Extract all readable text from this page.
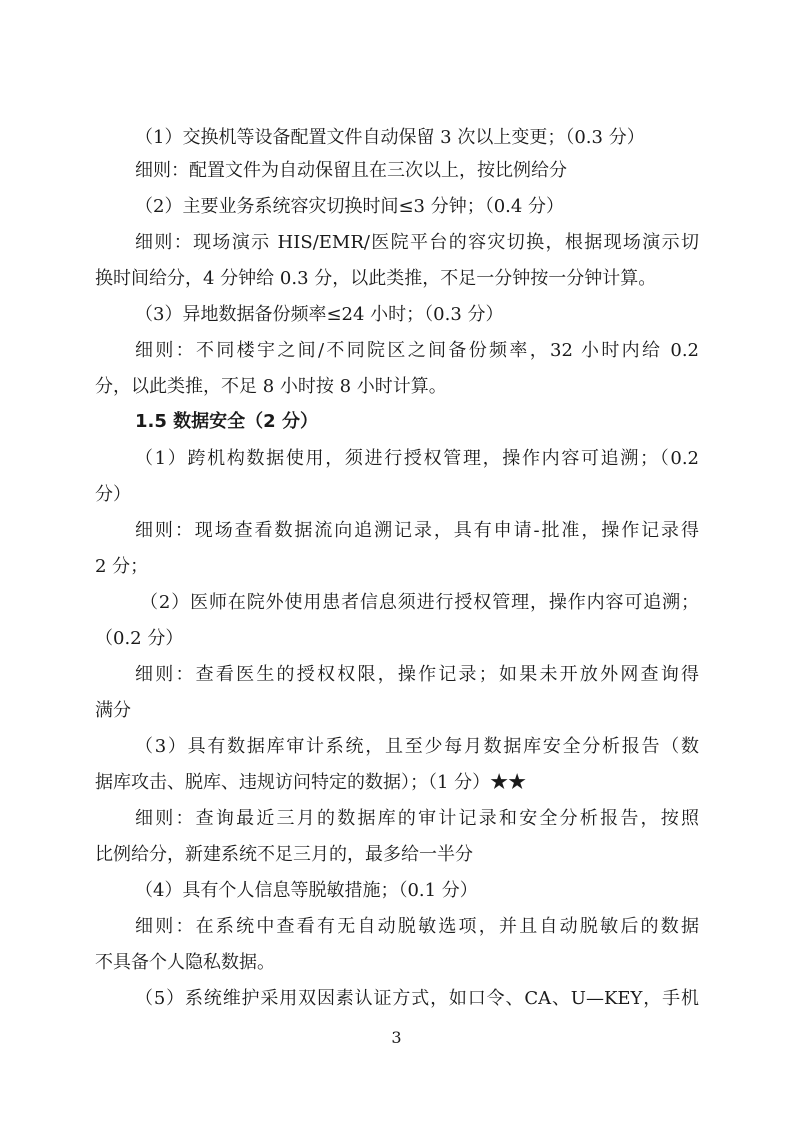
（1）交换机等设备配置文件自动保留 3 次以上变更；（0.3 分）
细则：配置文件为自动保留且在三次以上，按比例给分
（2）主要业务系统容灾切换时间≤3 分钟；（0.4 分）
细则：现场演示 HIS/EMR/医院平台的容灾切换，根据现场演示切
换时间给分，4 分钟给 0.3 分，以此类推，不足一分钟按一分钟计算。
（3）异地数据备份频率≤24 小时；（0.3 分）
细则：不同楼宇之间/不同院区之间备份频率，32 小时内给 0.2
分，以此类推，不足 8 小时按 8 小时计算。
1.5 数据安全（2 分）
（1）跨机构数据使用，须进行授权管理，操作内容可追溯；（0.2
分）
细则：现场查看数据流向追溯记录，具有申请-批准，操作记录得
2 分；
（2）医师在院外使用患者信息须进行授权管理，操作内容可追溯；
（0.2 分）
细则：查看医生的授权权限，操作记录；如果未开放外网查询得
满分
（3）具有数据库审计系统，且至少每月数据库安全分析报告（数
据库攻击、脱库、违规访问特定的数据）；（1 分）★★
细则：查询最近三月的数据库的审计记录和安全分析报告，按照
比例给分，新建系统不足三月的，最多给一半分
（4）具有个人信息等脱敏措施；（0.1 分）
细则：在系统中查看有无自动脱敏选项，并且自动脱敏后的数据
不具备个人隐私数据。
（5）系统维护采用双因素认证方式，如口令、CA、U—KEY，手机
3
